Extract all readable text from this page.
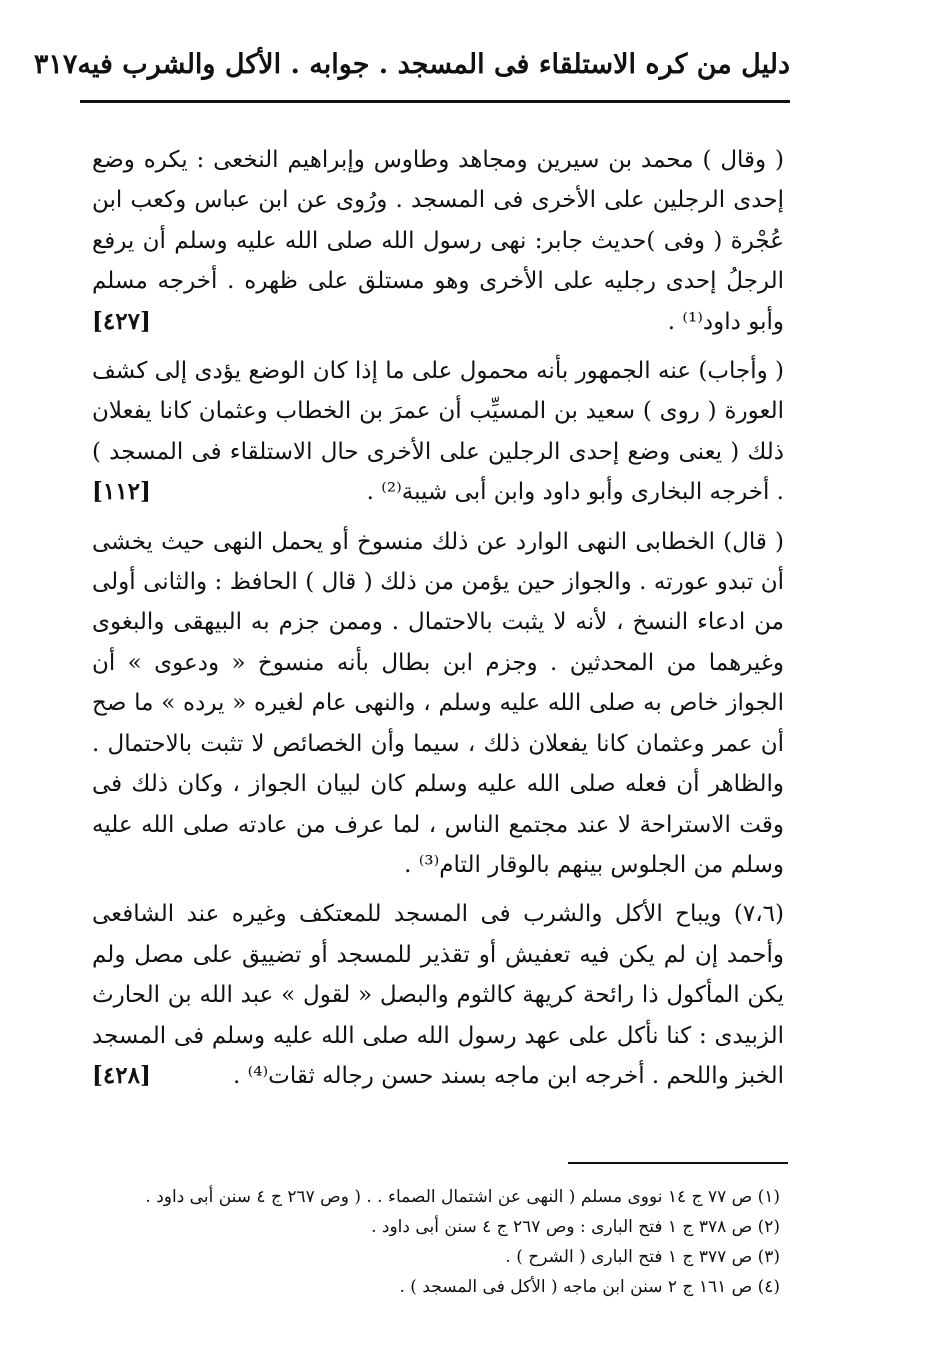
دليل من كره الاستلقاء فى المسجد . جوابه . الأكل والشرب فيه
٣١٧

( وقال ) محمد بن سيرين ومجاهد وطاوس وإبراهيم النخعى : يكره وضع إحدى الرجلين على الأخرى فى المسجد . ورُوى عن ابن عباس وكعب ابن عُجْرة ( وفى )حديث جابر: نهى رسول الله صلى الله عليه وسلم أن يرفع الرجلُ إحدى رجليه على الأخرى وهو مستلق على ظهره . أخرجه مسلم وأبو داود⁽¹⁾ .
[٤٢٧]

( وأجاب) عنه الجمهور بأنه محمول على ما إذا كان الوضع يؤدى إلى كشف العورة ( روى ) سعيد بن المسيِّب أن عمرَ بن الخطاب وعثمان كانا يفعلان ذلك ( يعنى وضع إحدى الرجلين على الأخرى حال الاستلقاء فى المسجد ) . أخرجه البخارى وأبو داود وابن أبى شيبة⁽²⁾ .
[١١٢]

( قال) الخطابى النهى الوارد عن ذلك منسوخ أو يحمل النهى حيث يخشى أن تبدو عورته . والجواز حين يؤمن من ذلك ( قال ) الحافظ : والثانى أولى من ادعاء النسخ ، لأنه لا يثبت بالاحتمال . وممن جزم به البيهقى والبغوى وغيرهما من المحدثين . وجزم ابن بطال بأنه منسوخ « ودعوى » أن الجواز خاص به صلى الله عليه وسلم ، والنهى عام لغيره « يرده » ما صح أن عمر وعثمان كانا يفعلان ذلك ، سيما وأن الخصائص لا تثبت بالاحتمال . والظاهر أن فعله صلى الله عليه وسلم كان لبيان الجواز ، وكان ذلك فى وقت الاستراحة لا عند مجتمع الناس ، لما عرف من عادته صلى الله عليه وسلم من الجلوس بينهم بالوقار التام⁽³⁾ .

(٧،٦) ويباح الأكل والشرب فى المسجد للمعتكف وغيره عند الشافعى وأحمد إن لم يكن فيه تعفيش أو تقذير للمسجد أو تضييق على مصل ولم يكن المأكول ذا رائحة كريهة كالثوم والبصل « لقول » عبد الله بن الحارث الزبيدى : كنا نأكل على عهد رسول الله صلى الله عليه وسلم فى المسجد الخبز واللحم . أخرجه ابن ماجه بسند حسن رجاله ثقات⁽⁴⁾ .
[٤٢٨]

(١) ص ٧٧ ج ١٤ نووى مسلم ( النهى عن اشتمال الصماء . . ( وص ٢٦٧ ج ٤ سنن أبى داود .

(٢) ص ٣٧٨ ج ١ فتح البارى : وص ٢٦٧ ج ٤ سنن أبى داود .

(٣) ص ٣٧٧ ج ١ فتح البارى ( الشرح ) .

(٤) ص ١٦١ ج ٢ سنن ابن ماجه ( الأكل فى المسجد ) .
